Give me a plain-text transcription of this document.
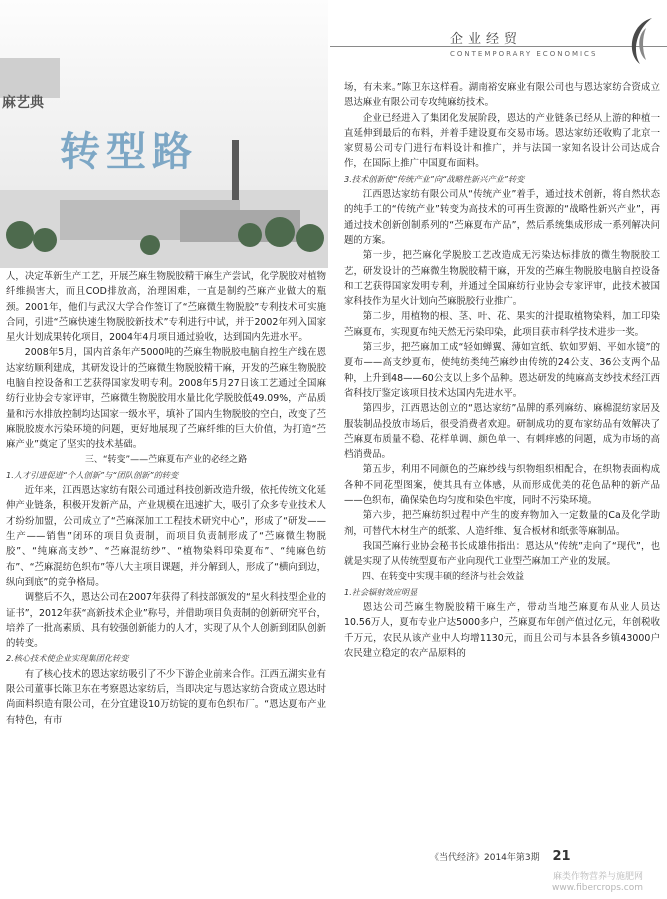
麻艺典
转型路
企业经贸
CONTEMPORARY ECONOMICS

人，决定革新生产工艺，开展苎麻生物脱胶精干麻生产尝试，化学脱胶对植物纤维损害大，而且COD排放高，治理困难，一直是制约苎麻产业做大的瓶颈。2001年，他们与武汉大学合作签订了“苎麻微生物脱胶”专利技术可实施合同，引进“苎麻快速生物脱胶新技术”专利进行中试，并于2002年列入国家星火计划成果转化项目，2004年4月项目通过验收，达到国内先进水平。

2008年5月，国内首条年产5000吨的苎麻生物脱胶电脑自控生产线在恩达家纺顺利建成，其研发设计的苎麻微生物脱胶精干麻，开发的苎麻生物脱胶电脑自控设备和工艺获得国家发明专利。2008年5月27日该工艺通过全国麻纺行业协会专家评审，苎麻微生物脱胶用水量比化学脱胶低49.09%，产品质量和污水排放控制均达国家一级水平，填补了国内生物脱胶的空白，改变了苎麻脱胶废水污染环境的问题，更好地展现了苎麻纤维的巨大价值，为打造“苎麻产业”奠定了坚实的技术基础。

三、“转变”——苎麻夏布产业的必经之路

1.人才引进促进“个人创新”与“团队创新”的转变

近年来，江西恩达家纺有限公司通过科技创新改造升级，依托传统文化延伸产业链条，积极开发新产品，产业规模在迅速扩大，吸引了众多专业技术人才纷纷加盟，公司成立了“苎麻深加工工程技术研究中心”，形成了“研发——生产——销售”闭环的项目负责制，而项目负责制形成了“苎麻微生物脱胶”、“纯麻高支纱”、“苎麻混纺纱”、“植物染料印染夏布”、“纯麻色纺布”、“苎麻混纺色织布”等八大主项目课题，并分解到人，形成了“横向到边，纵向到底”的竞争格局。

调整后不久，恩达公司在2007年获得了科技部颁发的“星火科技型企业的证书”，2012年获“高新技术企业”称号，并借助项目负责制的创新研究平台，培养了一批高素质、具有较强创新能力的人才，实现了从个人创新到团队创新的转变。

2.核心技术使企业实现集团化转变

有了核心技术的恩达家纺吸引了不少下游企业前来合作。江西五湖实业有限公司董事长陈卫东在考察恩达家纺后，当即决定与恩达家纺合资成立恩达时尚面料织造有限公司，在分宜建设10万纺锭的夏布色织布厂。“恩达夏布产业有特色，有市

场，有未来。”陈卫东这样看。湖南裕安麻业有限公司也与恩达家纺合资成立恩达麻业有限公司专攻纯麻纺技术。

企业已经进入了集团化发展阶段，恩达的产业链条已经从上游的种植一直延伸到最后的布料，并着手建设夏布交易市场。恩达家纺还收购了北京一家贸易公司专门进行布料设计和推广，并与法国一家知名设计公司达成合作，在国际上推广中国夏布面料。

3.技术创新使“传统产业”向“战略性新兴产业”转变

江西恩达家纺有限公司从“传统产业”着手，通过技术创新，将自然状态的纯手工的“传统产业”转变为高技术的可再生资源的“战略性新兴产业”，再通过技术创新创制系列的“苎麻夏布产品”，然后系统集成形成一系列解决问题的方案。

第一步，把苎麻化学脱胶工艺改造成无污染达标排放的微生物脱胶工艺，研发设计的苎麻微生物脱胶精干麻，开发的苎麻生物脱胶电脑自控设备和工艺获得国家发明专利，并通过全国麻纺行业协会专家评审，此技术被国家科技作为星火计划向苎麻脱胶行业推广。

第二步，用植物的根、茎、叶、花、果实的汁提取植物染料，加工印染苎麻夏布，实现夏布纯天然无污染印染，此项目获市科学技术进步一奖。

第三步，把苎麻加工成“轻如蝉翼、薄如宣纸、软如罗娟、平如水镜”的夏布——高支纱夏布，使纯纺类纯苎麻纱由传统的24公支、36公支两个品种，上升到48——60公支以上多个品种。恩达研发的纯麻高支纱技术经江西省科技厅鉴定该项目技术达国内先进水平。

第四步，江西恩达创立的“恩达家纺”品牌的系列麻纺、麻棉混纺家居及服装制品投放市场后，很受消费者欢迎。研制成功的夏布家纺品有效解决了苎麻夏布质量不稳、花样单调、颜色单一、有刺痒感的问题，成为市场的高档消费品。

第五步，利用不同颜色的苎麻纱线与织物组织相配合，在织物表面构成各种不同花型图案，使其具有立体感，从而形成优美的花色品种的新产品——色织布，确保染色均匀度和染色牢度，同时不污染环境。

第六步，把苎麻纺织过程中产生的废弃物加入一定数量的Ca及化学助剂，可替代木材生产的纸浆、人造纤维、复合板材和纸张等麻制品。

我国苎麻行业协会秘书长成雄伟指出：恩达从“传统”走向了“现代”，也就是实现了从传统型夏布产业向现代工业型苎麻加工产业的发展。

四、在转变中实现丰硕的经济与社会效益

1.社会辐射效应明显

恩达公司苎麻生物脱胶精干麻生产，带动当地苎麻夏布从业人员达10.56万人，夏布专业户达5000多户，苎麻夏布年创产值过亿元，年创税收千万元，农民从该产业中人均增1130元，而且公司与本县各乡镇43000户农民建立稳定的农产品原料的

《当代经济》2014年第3期 21
麻类作物营养与施肥网
www.fibercrops.com
